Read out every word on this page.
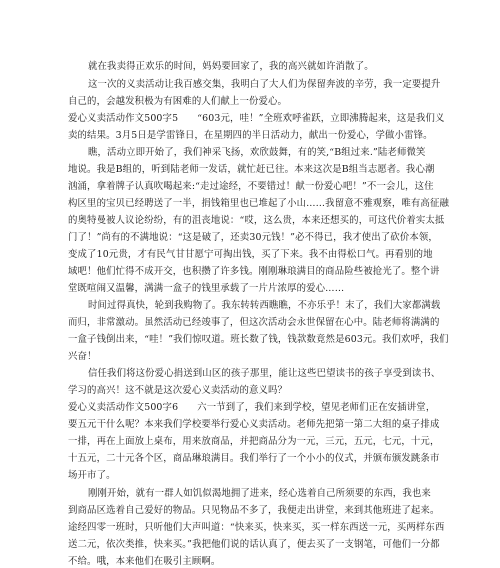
就在我卖得正欢乐的时间，妈妈要回家了，我的高兴就如许消散了。
这一次的义卖活动让我百感交集，我明白了大人们为保留奔波的辛劳，我一定要提升
自己的，会越发积极为有困难的人们献上一份爱心。
爱心义卖活动作文500字5　　“603元，哇！”全班欢呼雀跃，立即沸腾起来，这是我们义
卖的结果。3月5日是学雷锋日，在星期四的半日活动力，献出一份爱心，学做小雷锋。
瞧，活动立即开始了，我们神采飞扬，欢欣鼓舞，有的笑,“B组过来.”陆老师微笑
地说。我是B组的，听到陆老师一发话，就忙赶已往。本来这次是B组当志愿者。我心潮
汹涌，拿着牌子认真吹喝起来:“走过途经，不要错过！献一份爱心吧！”不一会儿，这住
构区里的宝贝已经聘送了一半，捐钱箱里也已堆起了小山……我留意不雅观察，唯有高征融
的奥特曼被人议论纷纷，有的沮丧地说：“哎，这么贵，本来还想买的，可这代价着实太抵
门了！”尚有的不满地说：“这是破了，还卖30元钱！”必不得已，我才使出了砍价本领，
变成了10元贵，才有民气甘甘愿宁可掏出钱，买了下来。我不由得松口气。再看别的地
域吧！他们忙得不成开交，也积攒了许多钱。刚刚琳琅满目的商品险些被抢光了。整个讲
堂既喧闹又温馨，满满一盒子的钱里承载了一片片浓厚的爱心……
时间过得真快，轮到我购物了。我东转转西瞧瞧，不亦乐乎！末了，我们大家都满载
而归，非常激动。虽然活动已经竣事了，但这次活动会永世保留在心中。陆老师将满满的
一盒子钱倒出来，“哇！”我们惊叹道。班长数了钱，钱款数竟然是603元。我们欢呼，我们
兴奋！
信任我们将这份爱心捐送到山区的孩子那里，能让这些巴望读书的孩子享受到读书、
学习的高兴！这不就是这次爱心义卖活动的意义吗？
爱心义卖活动作文500字6　　六一节到了，我们来到学校，望见老师们正在安插讲堂，
要五元干什么呢？本来我们学校要举行爱心义卖活动。老师先把第一第二大组的桌子排成
一排，再在上面放上桌布，用来放商品，并把商品分为一元，三元，五元，七元，十元，
十五元，二十元各个区，商品琳琅满目。我们举行了一个小小的仪式，并颁布颁发跳条市
场开市了。
刚刚开始，就有一群人如饥似渴地拥了进来，经心选着自己所须要的东西，我也来
到商品区选着自己爱好的物品。只见物品不多了，我便走出讲堂，来到其他班进了起来。
途经四零一班时，只听他们大声叫道：“快来买，快来买，买一样东西送一元，买两样东西
送二元，依次类推，快来买。”我把他们说的话认真了，便去买了一支钢笔，可他们一分都
不给。哦，本来他们在吸引主顾啊。
